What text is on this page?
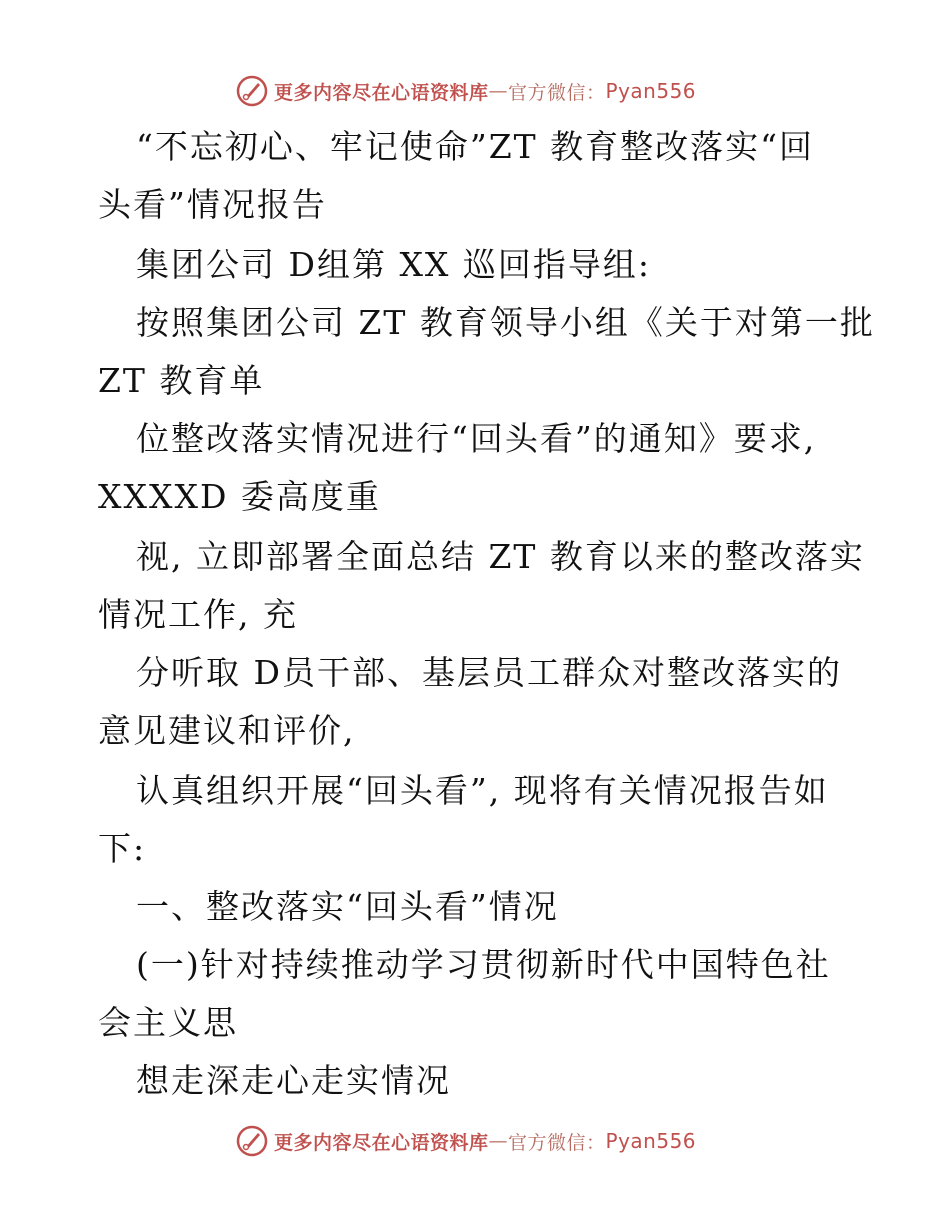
更多内容尽在心语资料库 — 官方微信： Pyan556
“不忘初心、牢记使命”ZT 教育整改落实“回
头看”情况报告
集团公司 D组第 XX 巡回指导组:
按照集团公司 ZT 教育领导小组《关于对第一批
ZT 教育单
位整改落实情况进行“回头看”的通知》要求,
XXXXD 委高度重
视, 立即部署全面总结 ZT 教育以来的整改落实
情况工作, 充
分听取 D员干部、基层员工群众对整改落实的
意见建议和评价,
认真组织开展“回头看”, 现将有关情况报告如
下:
一、整改落实“回头看”情况
(一)针对持续推动学习贯彻新时代中国特色社
会主义思
想走深走心走实情况
更多内容尽在心语资料库 — 官方微信： Pyan556
